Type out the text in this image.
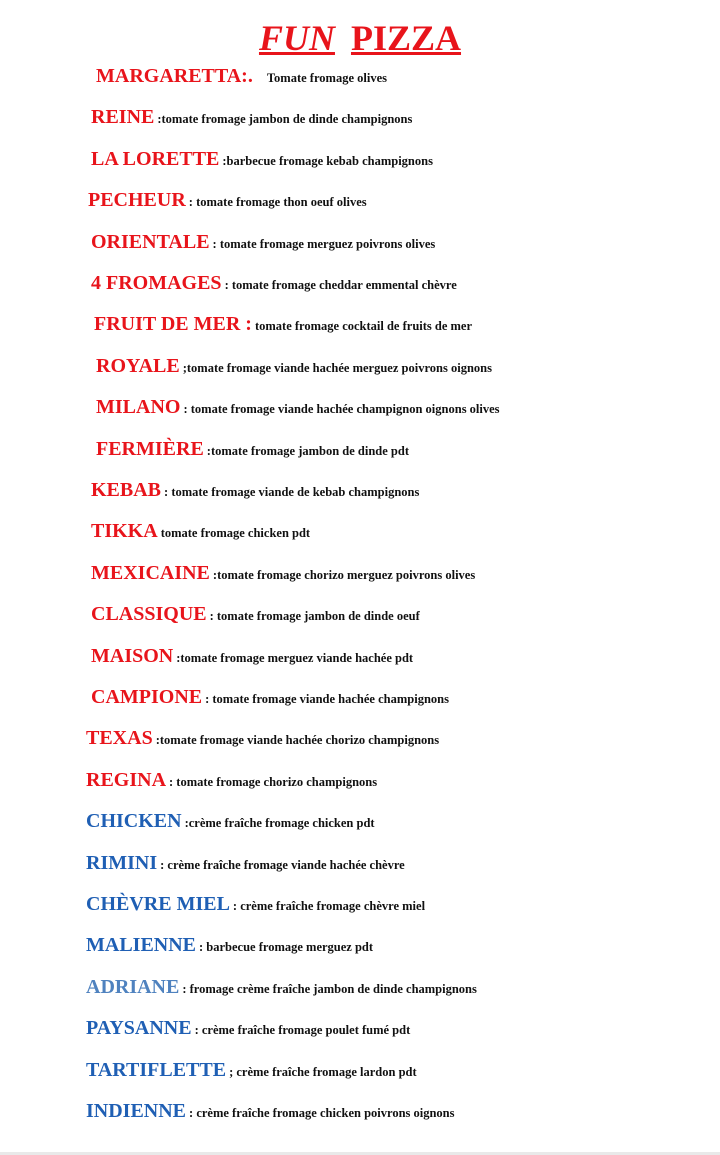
FUN PIZZA
MARGARETTA:. Tomate fromage olives
REINE :tomate fromage jambon de dinde champignons
LA LORETTE :barbecue fromage kebab champignons
PECHEUR : tomate fromage thon oeuf olives
ORIENTALE : tomate fromage merguez poivrons olives
4 FROMAGES : tomate fromage cheddar emmental chèvre
FRUIT DE MER : tomate fromage cocktail de fruits de mer
ROYALE ;tomate fromage viande hachée merguez poivrons oignons
MILANO : tomate fromage viande hachée champignon oignons olives
FERMIÈRE :tomate fromage jambon de dinde pdt
KEBAB : tomate fromage viande de kebab champignons
TIKKA tomate fromage chicken pdt
MEXICAINE :tomate fromage chorizo merguez poivrons olives
CLASSIQUE : tomate fromage jambon de dinde oeuf
MAISON :tomate fromage merguez viande hachée pdt
CAMPIONE : tomate fromage viande hachée champignons
TEXAS :tomate fromage viande hachée chorizo champignons
REGINA : tomate fromage chorizo champignons
CHICKEN :crème fraîche fromage chicken pdt
RIMINI : crème fraîche fromage viande hachée chèvre
CHÈVRE MIEL : crème fraîche fromage chèvre miel
MALIENNE : barbecue fromage merguez pdt
ADRIANE : fromage crème fraîche jambon de dinde champignons
PAYSANNE : crème fraîche fromage poulet fumé pdt
TARTIFLETTE ; crème fraîche fromage lardon pdt
INDIENNE : crème fraîche fromage chicken poivrons oignons
